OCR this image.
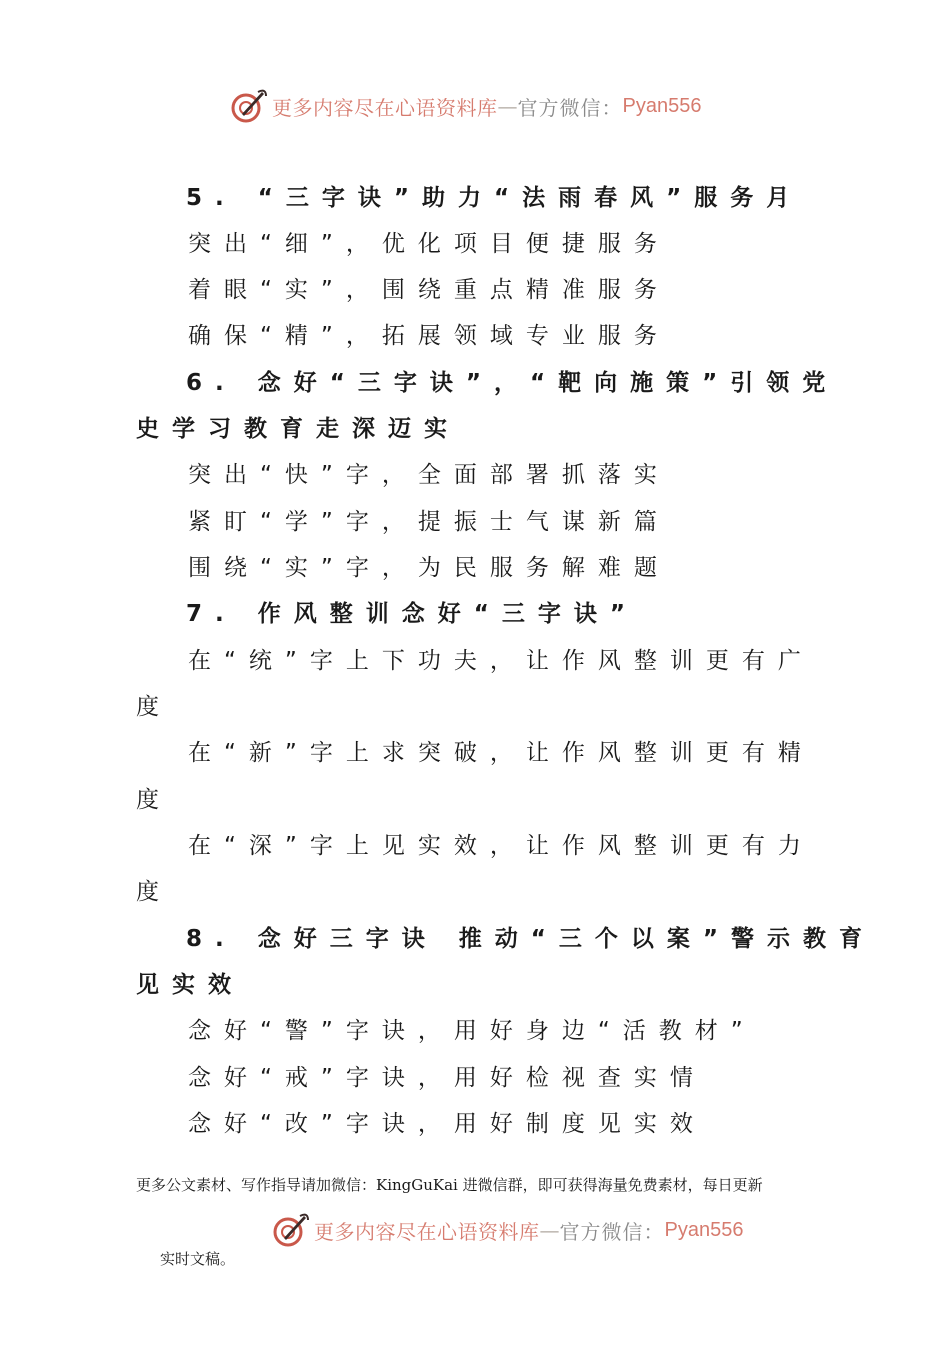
更多内容尽在心语资料库 — 官方微信： Pyan556
5. “三字诀”助力“法雨春风”服务月
突出“细”，优化项目便捷服务
着眼“实”，围绕重点精准服务
确保“精”，拓展领域专业服务
6. 念好“三字诀”，“靶向施策”引领党
史学习教育走深迈实
突出“快”字，全面部署抓落实
紧盯“学”字，提振士气谋新篇
围绕“实”字，为民服务解难题
7. 作风整训念好“三字诀”
在“统”字上下功夫，让作风整训更有广
度
在“新”字上求突破，让作风整训更有精
度
在“深”字上见实效，让作风整训更有力
度
8. 念好三字诀 推动“三个以案”警示教育
见实效
念好“警”字诀，用好身边“活教材”
念好“戒”字诀，用好检视查实情
念好“改”字诀，用好制度见实效
更多公文素材、写作指导请加微信：KingGuKai 进微信群，即可获得海量免费素材，每日更新
更多内容尽在心语资料库 — 官方微信： Pyan556
实时文稿。
